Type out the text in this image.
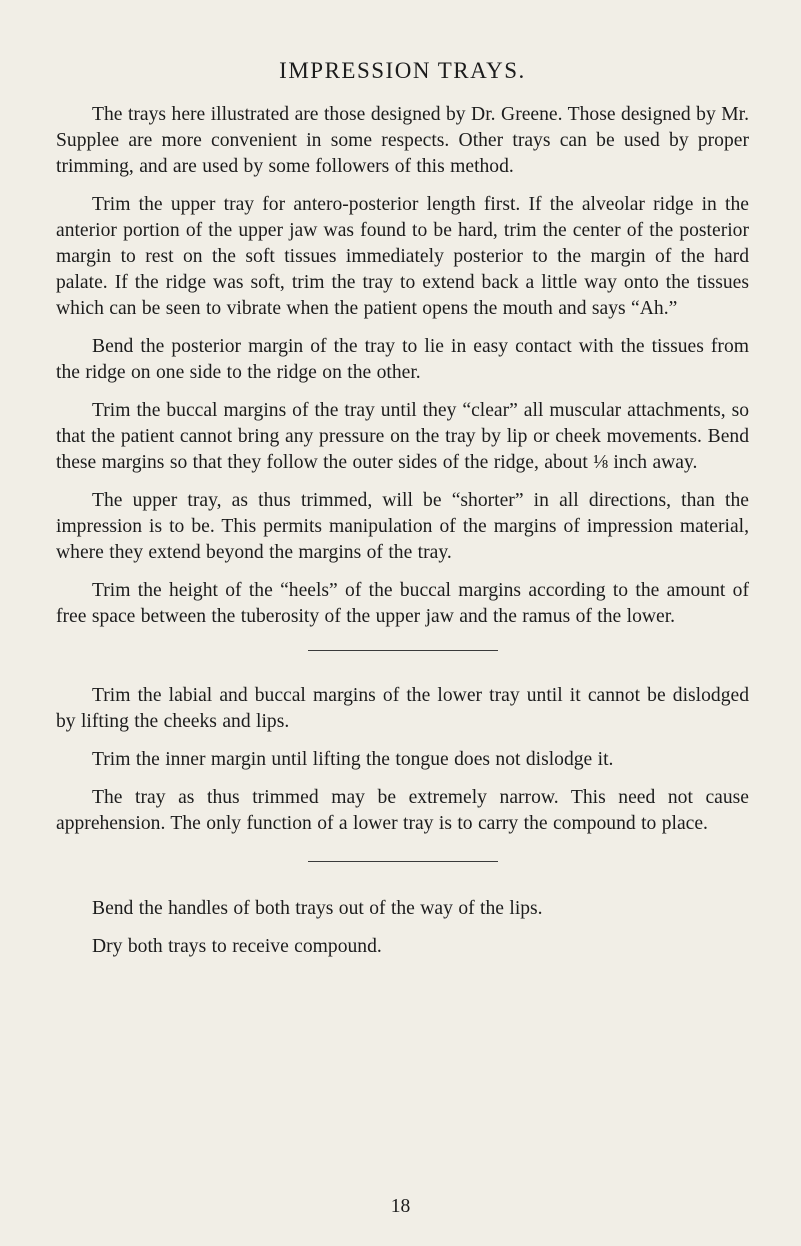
IMPRESSION TRAYS.

The trays here illustrated are those designed by Dr. Greene. Those designed by Mr. Supplee are more convenient in some respects. Other trays can be used by proper trimming, and are used by some followers of this method.

Trim the upper tray for antero-posterior length first. If the alveolar ridge in the anterior portion of the upper jaw was found to be hard, trim the center of the posterior margin to rest on the soft tissues immediately posterior to the margin of the hard palate. If the ridge was soft, trim the tray to extend back a little way onto the tissues which can be seen to vibrate when the patient opens the mouth and says “Ah.”

Bend the posterior margin of the tray to lie in easy contact with the tissues from the ridge on one side to the ridge on the other.

Trim the buccal margins of the tray until they “clear” all muscular attachments, so that the patient cannot bring any pressure on the tray by lip or cheek movements. Bend these margins so that they follow the outer sides of the ridge, about ⅛ inch away.

The upper tray, as thus trimmed, will be “shorter” in all directions, than the impression is to be. This permits manipulation of the margins of impression material, where they extend beyond the margins of the tray.

Trim the height of the “heels” of the buccal margins according to the amount of free space between the tuberosity of the upper jaw and the ramus of the lower.

Trim the labial and buccal margins of the lower tray until it cannot be dislodged by lifting the cheeks and lips.

Trim the inner margin until lifting the tongue does not dislodge it.

The tray as thus trimmed may be extremely narrow. This need not cause apprehension. The only function of a lower tray is to carry the compound to place.

Bend the handles of both trays out of the way of the lips.

Dry both trays to receive compound.

18
